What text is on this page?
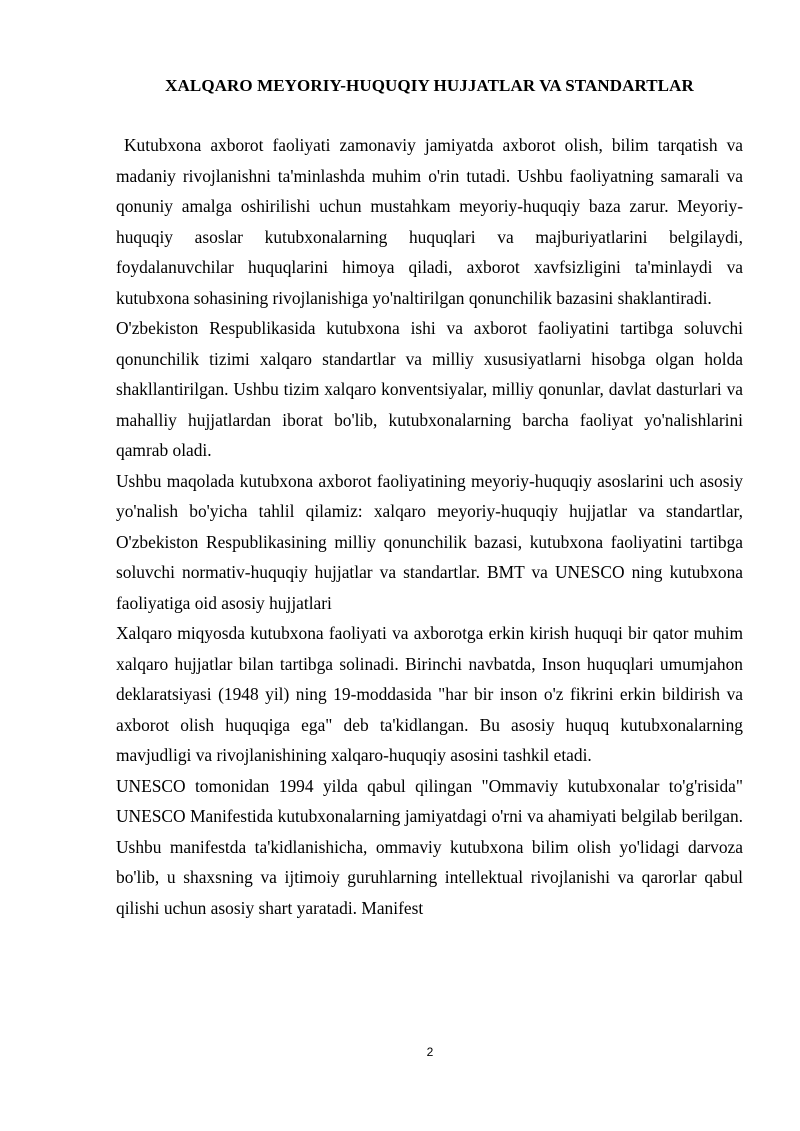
XALQARO MEYORIY-HUQUQIY HUJJATLAR VA STANDARTLAR

Kutubxona axborot faoliyati zamonaviy jamiyatda axborot olish, bilim tarqatish va madaniy rivojlanishni ta'minlashda muhim o'rin tutadi. Ushbu faoliyatning samarali va qonuniy amalga oshirilishi uchun mustahkam meyoriy-huquqiy baza zarur. Meyoriy-huquqiy asoslar kutubxonalarning huquqlari va majburiyatlarini belgilaydi, foydalanuvchilar huquqlarini himoya qiladi, axborot xavfsizligini ta'minlaydi va kutubxona sohasining rivojlanishiga yo'naltirilgan qonunchilik bazasini shaklantiradi.

O'zbekiston Respublikasida kutubxona ishi va axborot faoliyatini tartibga soluvchi qonunchilik tizimi xalqaro standartlar va milliy xususiyatlarni hisobga olgan holda shakllantirilgan. Ushbu tizim xalqaro konventsiyalar, milliy qonunlar, davlat dasturlari va mahalliy hujjatlardan iborat bo'lib, kutubxonalarning barcha faoliyat yo'nalishlarini qamrab oladi.

Ushbu maqolada kutubxona axborot faoliyatining meyoriy-huquqiy asoslarini uch asosiy yo'nalish bo'yicha tahlil qilamiz: xalqaro meyoriy-huquqiy hujjatlar va standartlar, O'zbekiston Respublikasining milliy qonunchilik bazasi, kutubxona faoliyatini tartibga soluvchi normativ-huquqiy hujjatlar va standartlar. BMT va UNESCO ning kutubxona faoliyatiga oid asosiy hujjatlari

Xalqaro miqyosda kutubxona faoliyati va axborotga erkin kirish huquqi bir qator muhim xalqaro hujjatlar bilan tartibga solinadi. Birinchi navbatda, Inson huquqlari umumjahon deklaratsiyasi (1948 yil) ning 19-moddasida "har bir inson o'z fikrini erkin bildirish va axborot olish huquqiga ega" deb ta'kidlangan. Bu asosiy huquq kutubxonalarning mavjudligi va rivojlanishining xalqaro-huquqiy asosini tashkil etadi.

UNESCO tomonidan 1994 yilda qabul qilingan "Ommaviy kutubxonalar to'g'risida" UNESCO Manifestida kutubxonalarning jamiyatdagi o'rni va ahamiyati belgilab berilgan. Ushbu manifestda ta'kidlanishicha, ommaviy kutubxona bilim olish yo'lidagi darvoza bo'lib, u shaxsning va ijtimoiy guruhlarning intellektual rivojlanishi va qarorlar qabul qilishi uchun asosiy shart yaratadi. Manifest

2
